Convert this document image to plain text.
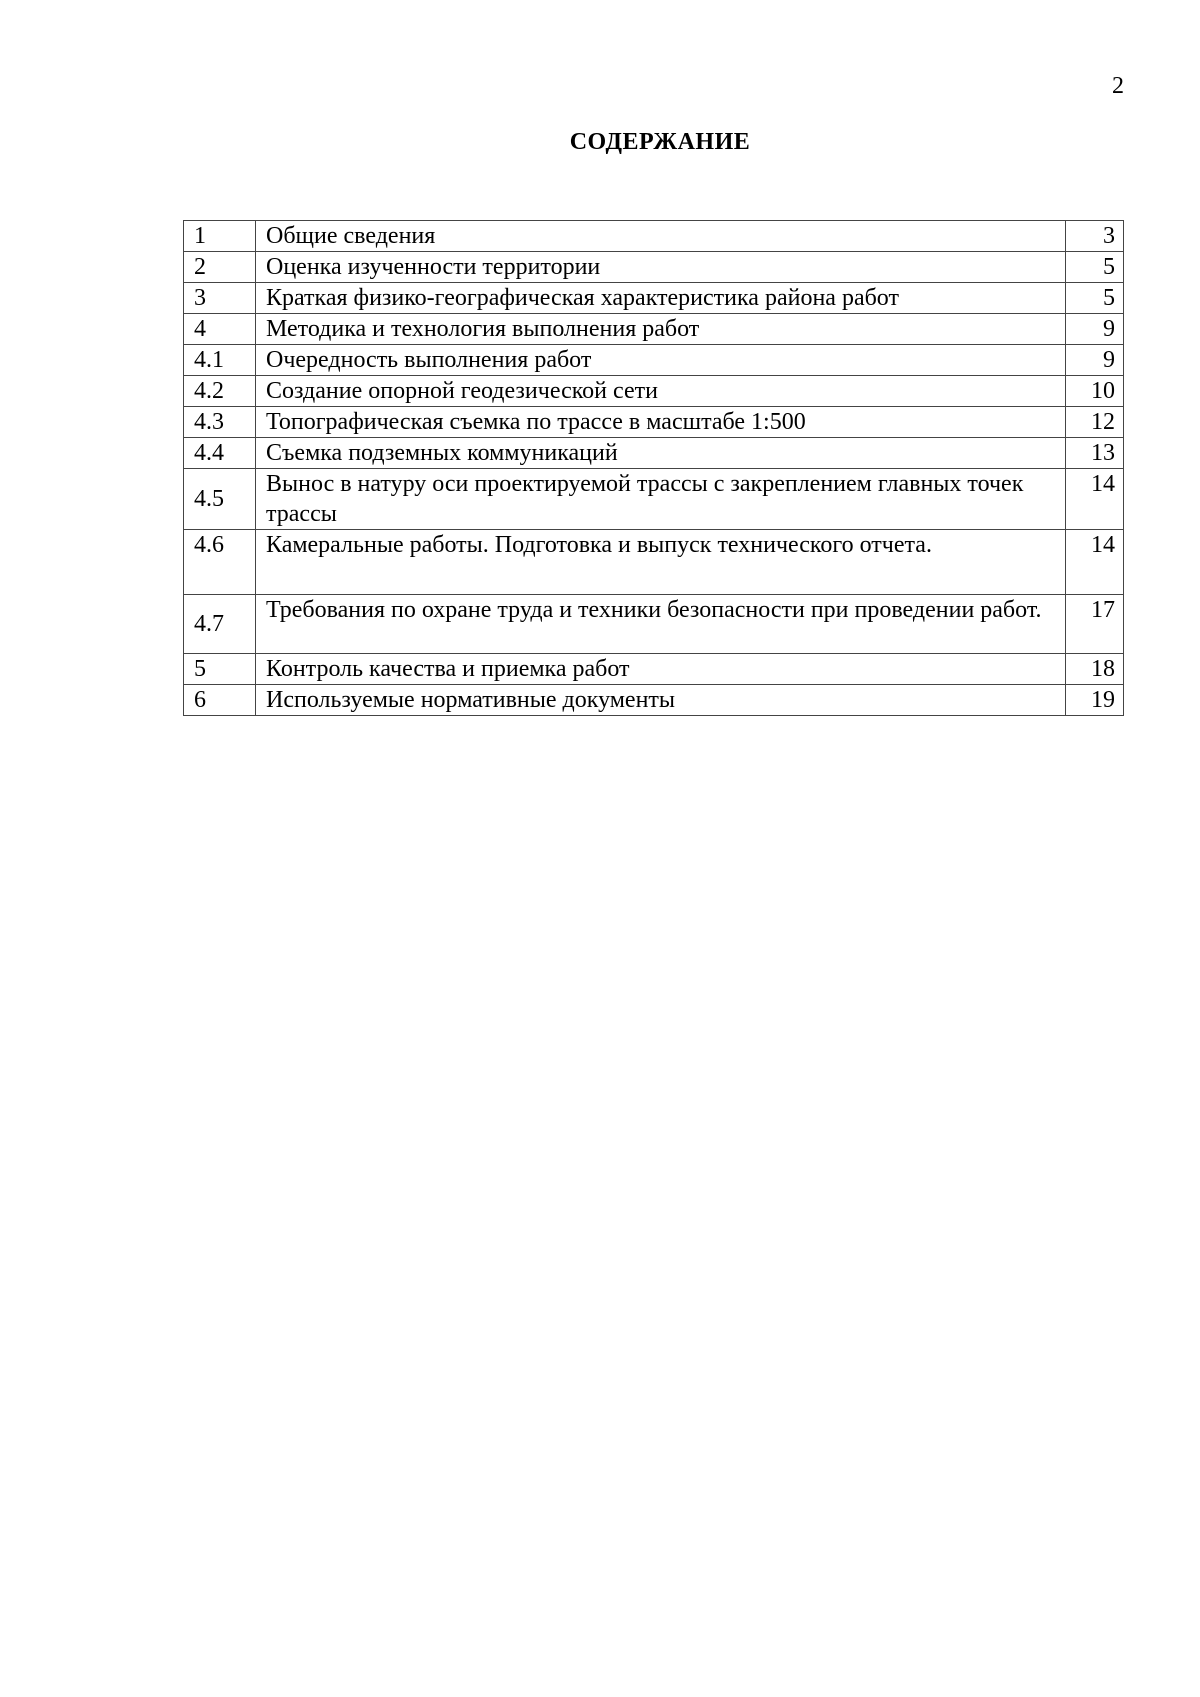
2
СОДЕРЖАНИЕ
1	Общие сведения	3
2	Оценка изученности территории	5
3	Краткая физико-географическая характеристика района работ	5
4	Методика и технология выполнения работ	9
4.1	Очередность выполнения работ	9
4.2	Создание опорной геодезической сети	10
4.3	Топографическая съемка по трассе в масштабе 1:500	12
4.4	Съемка подземных коммуникаций	13
4.5	Вынос в натуру оси проектируемой трассы с закреплением главных точек трассы	14
4.6	Камеральные работы. Подготовка и выпуск технического отчета.	14
4.7	Требования по охране труда и техники безопасности при проведении работ.	17
5	Контроль качества и приемка работ	18
6	Используемые нормативные документы	19
